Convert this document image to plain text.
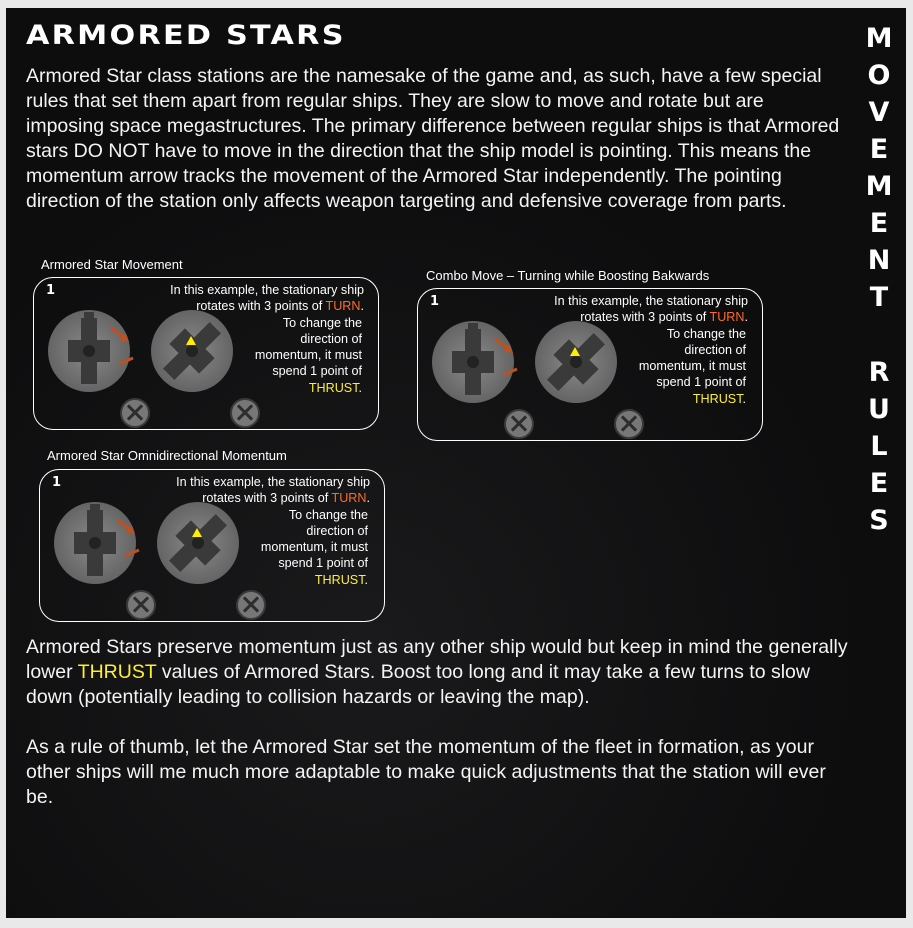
ARMORED STARS	M
O
V
E
M
E
N
T
R
U
L
E
S

Armored Star class stations are the namesake of the game and, as such, have a few special rules that set them apart from regular ships. They are slow to move and rotate but are imposing space megastructures. The primary difference between regular ships is that Armored stars DO NOT have to move in the direction that the ship model is pointing. This means the momentum arrow tracks the movement of the Armored Star independently. The pointing direction of the station only affects weapon targeting and defensive coverage from parts.

Armored Star Movement
Combo Move – Turning while Boosting Bakwards
Armored Star Omnidirectional Momentum
1	In this example, the stationary ship
rotates with 3 points of TURN.
To change the
direction of
momentum, it must
spend 1 point of
THRUST.
1	In this example, the stationary ship
rotates with 3 points of TURN.
To change the
direction of
momentum, it must
spend 1 point of
THRUST.
1	In this example, the stationary ship
rotates with 3 points of TURN.
To change the
direction of
momentum, it must
spend 1 point of
THRUST.

Armored Stars preserve momentum just as any other ship would but keep in mind the generally lower THRUST values of Armored Stars. Boost too long and it may take a few turns to slow down (potentially leading to collision hazards or leaving the map).

As a rule of thumb, let the Armored Star set the momentum of the fleet in formation, as your other ships will me much more adaptable to make quick adjustments that the station will ever be.
